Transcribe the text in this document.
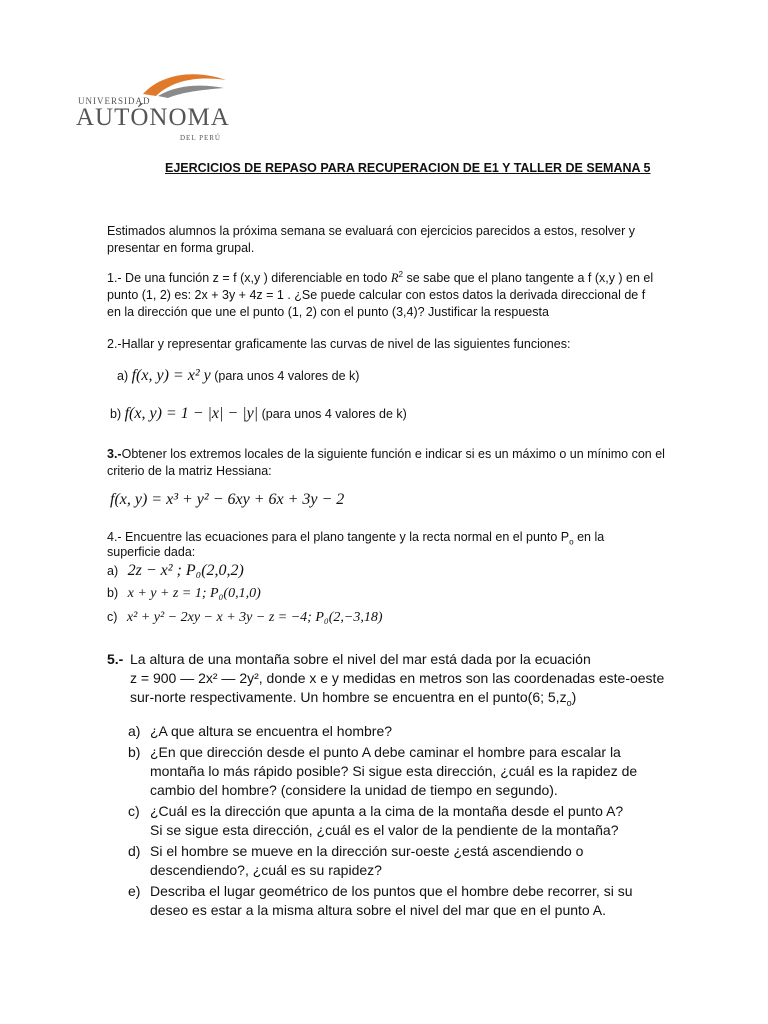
UNIVERSIDAD
AUTÓNOMA
DEL PERÚ
EJERCICIOS DE REPASO PARA RECUPERACION DE E1 Y TALLER DE SEMANA 5
Estimados alumnos la próxima semana se evaluará con ejercicios parecidos a estos, resolver y presentar en forma grupal.
1.- De una función z = f (x,y ) diferenciable en todo $R^2$ se sabe que el plano tangente a f (x,y ) en el punto (1, 2) es: 2x + 3y + 4z = 1 . ¿Se puede calcular con estos datos la derivada direccional de f en la dirección que une el punto (1, 2) con el punto (3,4)? Justificar la respuesta
2.-Hallar y representar graficamente las curvas de nivel de las siguientes funciones:
a) f(x, y) = x² y (para unos 4 valores de k)
b) f(x, y) = 1 − |x| − |y| (para unos 4 valores de k)
3.-Obtener los extremos locales de la siguiente función e indicar si es un máximo o un mínimo con el criterio de la matriz Hessiana:
f(x, y) = x³ + y² − 6xy + 6x + 3y − 2
4.- Encuentre las ecuaciones para el plano tangente y la recta normal en el punto $P_o$ en la superficie dada:
a) 2z − x² ; P₀(2,0,2)
b) x + y + z = 1; P₀(0,1,0)
c) x² + y² − 2xy − x + 3y − z = −4; P₀(2,−3,18)
5.- La altura de una montaña sobre el nivel del mar está dada por la ecuación
z = 900 — 2x² — 2y², donde x e y medidas en metros son las coordenadas este-oeste
sur-norte respectivamente. Un hombre se encuentra en el punto(6; $5,z_o$)
a) ¿A que altura se encuentra el hombre?
b) ¿En que dirección desde el punto A debe caminar el hombre para escalar la montaña lo más rápido posible? Si sigue esta dirección, ¿cuál es la rapidez de cambio del hombre? (considere la unidad de tiempo en segundo).
c) ¿Cuál es la dirección que apunta a la cima de la montaña desde el punto A? Si se sigue esta dirección, ¿cuál es el valor de la pendiente de la montaña?
d) Si el hombre se mueve en la dirección sur-oeste ¿está ascendiendo o descendiendo?, ¿cuál es su rapidez?
e) Describa el lugar geométrico de los puntos que el hombre debe recorrer, si su deseo es estar a la misma altura sobre el nivel del mar que en el punto A.
